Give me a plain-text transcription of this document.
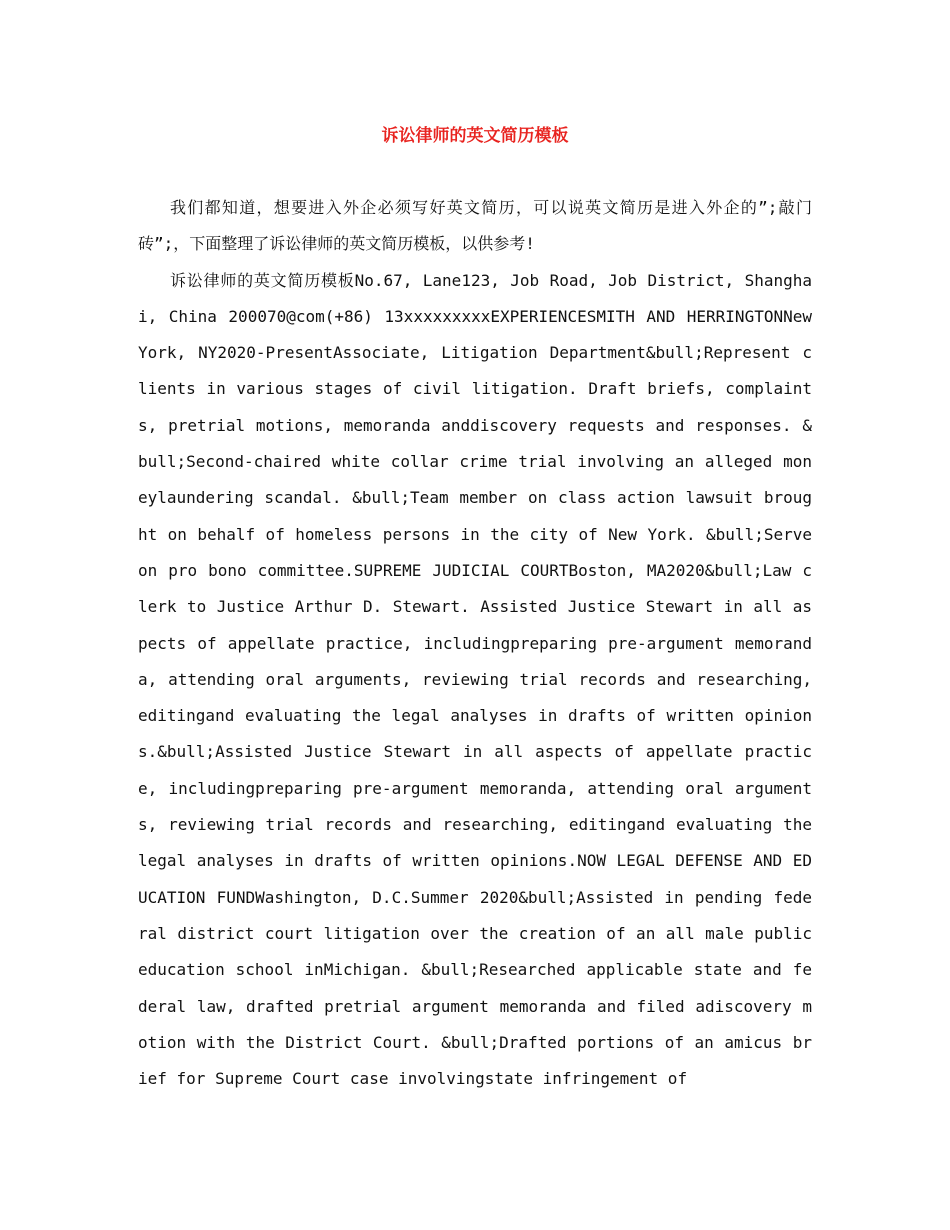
诉讼律师的英文简历模板

我们都知道，想要进入外企必须写好英文简历，可以说英文简历是进入外企的”;敲门砖”;，下面整理了诉讼律师的英文简历模板，以供参考!

诉讼律师的英文简历模板No.67, Lane123, Job Road, Job District, Shanghai, China 200070@com(+86) 13xxxxxxxxxEXPERIENCESMITH AND HERRINGTONNew York, NY2020-PresentAssociate, Litigation Department&bull;Represent clients in various stages of civil litigation. Draft briefs, complaints, pretrial motions, memoranda anddiscovery requests and responses. &bull;Second-chaired white collar crime trial involving an alleged moneylaundering scandal. &bull;Team member on class action lawsuit brought on behalf of homeless persons in the city of New York. &bull;Serve on pro bono committee.SUPREME JUDICIAL COURTBoston, MA2020&bull;Law clerk to Justice Arthur D. Stewart. Assisted Justice Stewart in all aspects of appellate practice, includingpreparing pre-argument memoranda, attending oral arguments, reviewing trial records and researching, editingand evaluating the legal analyses in drafts of written opinions.&bull;Assisted Justice Stewart in all aspects of appellate practice, includingpreparing pre-argument memoranda, attending oral arguments, reviewing trial records and researching, editingand evaluating the legal analyses in drafts of written opinions.NOW LEGAL DEFENSE AND EDUCATION FUNDWashington, D.C.Summer 2020&bull;Assisted in pending federal district court litigation over the creation of an all male public education school inMichigan. &bull;Researched applicable state and federal law, drafted pretrial argument memoranda and filed adiscovery motion with the District Court. &bull;Drafted portions of an amicus brief for Supreme Court case involvingstate infringement of
